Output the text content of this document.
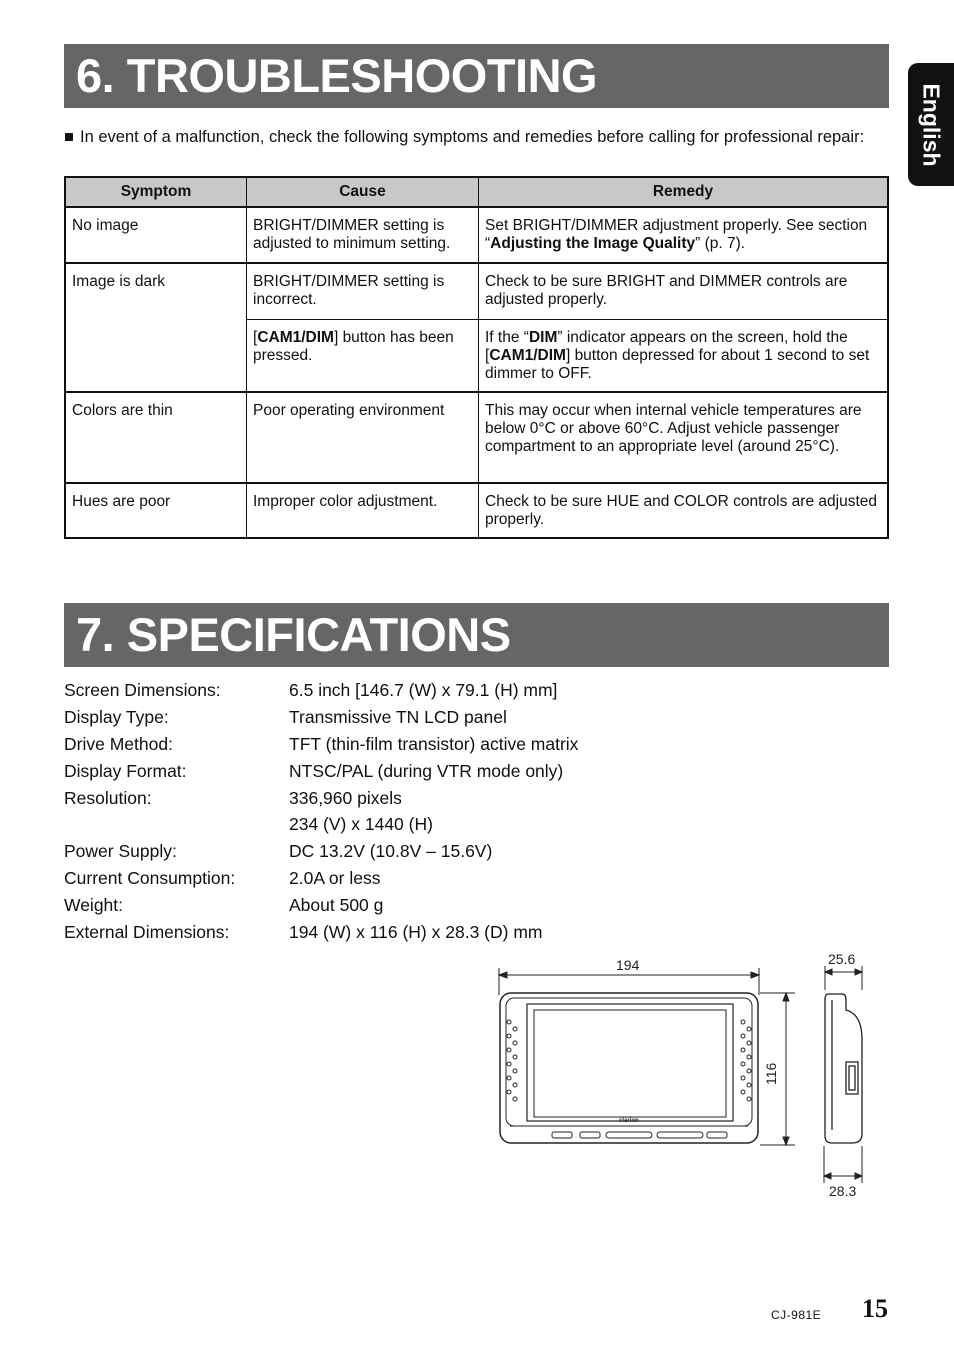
6. TROUBLESHOOTING
English
■ In event of a malfunction, check the following symptoms and remedies before calling for professional repair:
Symptom	Cause	Remedy
No image	BRIGHT/DIMMER setting is adjusted to minimum setting.	Set BRIGHT/DIMMER adjustment properly. See section “Adjusting the Image Quality” (p. 7).
Image is dark	BRIGHT/DIMMER setting is incorrect.	Check to be sure BRIGHT and DIMMER controls are adjusted properly.
	[CAM1/DIM] button has been pressed.	If the “DIM” indicator appears on the screen, hold the [CAM1/DIM] button depressed for about 1 second to set dimmer to OFF.
Colors are thin	Poor operating environment	This may occur when internal vehicle temperatures are below 0°C or above 60°C. Adjust vehicle passenger compartment to an appropriate level (around 25°C).
Hues are poor	Improper color adjustment.	Check to be sure HUE and COLOR controls are adjusted properly.
7. SPECIFICATIONS
Screen Dimensions:	6.5 inch [146.7 (W) x 79.1 (H) mm]
Display Type:	Transmissive TN LCD panel
Drive Method:	TFT (thin-film transistor) active matrix
Display Format:	NTSC/PAL (during VTR mode only)
Resolution:	336,960 pixels
234 (V) x 1440 (H)
Power Supply:	DC 13.2V (10.8V – 15.6V)
Current Consumption:	2.0A or less
Weight:	About 500 g
External Dimensions:	194 (W) x 116 (H) x 28.3 (D) mm
194
116
25.6
28.3
clarion
CJ-981E 15
